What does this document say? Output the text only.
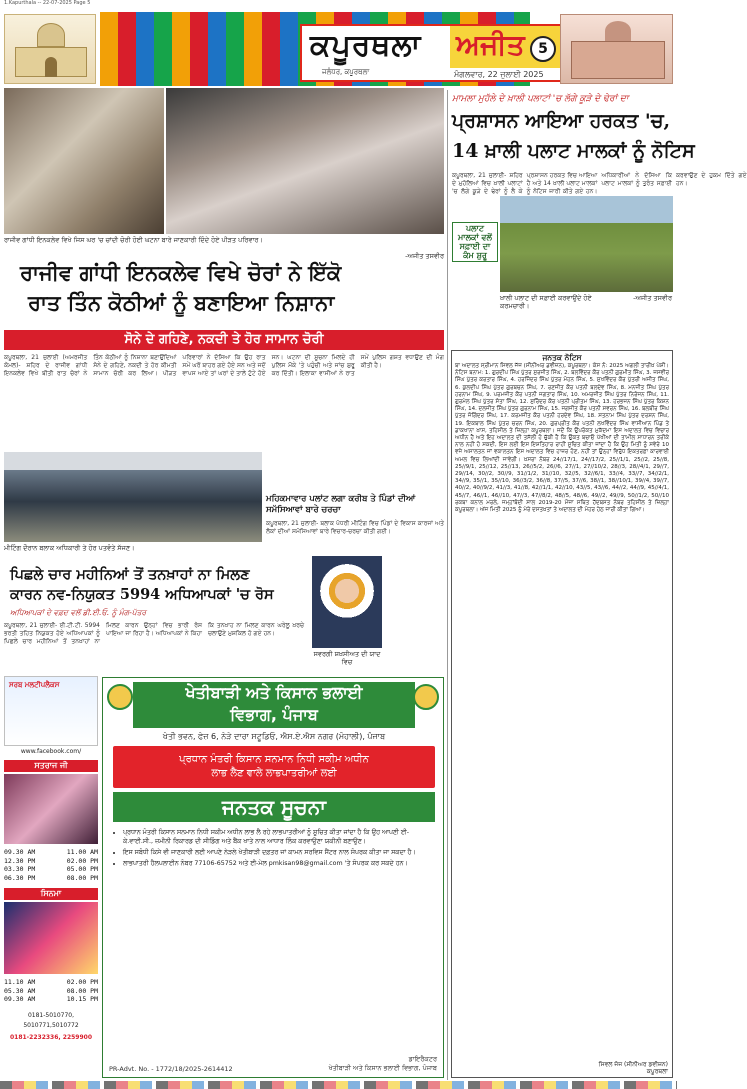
1.Kapurthala -- 22-07-2025 Page 5
ਕਪੂਰਥਲਾ ਅਜੀਤ
ਜਲੰਧਰ, ਕਪੂਰਥਲਾ	ਮੰਗਲਵਾਰ, 22 ਜੁਲਾਈ 2025
5
ਰਾਜੀਵ ਗਾਂਧੀ ਇਨਕਲੇਵ ਵਿਖੇ ਜਿਸ ਘਰ 'ਚ ਚਾਂਦੀ ਚੋਰੀ ਹੋਈ ਘਟਨਾ ਬਾਰੇ ਜਾਣਕਾਰੀ ਦਿੰਦੇ ਹੋਏ ਪੀੜਤ ਪਰਿਵਾਰ।
-ਅਜੀਤ ਤਸਵੀਰ
ਰਾਜੀਵ ਗਾਂਧੀ ਇਨਕਲੇਵ ਵਿਖੇ ਚੋਰਾਂ ਨੇ ਇੱਕੋ
ਰਾਤ ਤਿੰਨ ਕੋਠੀਆਂ ਨੂੰ ਬਣਾਇਆ ਨਿਸ਼ਾਨਾ
ਸੋਨੇ ਦੇ ਗਹਿਣੇ, ਨਕਦੀ ਤੇ ਹੋਰ ਸਾਮਾਨ ਚੋਰੀ
ਕਪੂਰਥਲਾ, 21 ਜੁਲਾਈ (ਅਮਰਜੀਤ ਕੋਮਲ)- ਸ਼ਹਿਰ ਦੇ ਰਾਜੀਵ ਗਾਂਧੀ ਇਨਕਲੇਵ ਵਿਖੇ ਬੀਤੀ ਰਾਤ ਚੋਰਾਂ ਨੇ ਤਿੰਨ ਕੋਠੀਆਂ ਨੂੰ ਨਿਸ਼ਾਨਾ ਬਣਾਉਂਦਿਆਂ ਸੋਨੇ ਦੇ ਗਹਿਣੇ, ਨਕਦੀ ਤੇ ਹੋਰ ਕੀਮਤੀ ਸਾਮਾਨ ਚੋਰੀ ਕਰ ਲਿਆ। ਪੀੜਤ ਪਰਿਵਾਰਾਂ ਨੇ ਦੱਸਿਆ ਕਿ ਉਹ ਰਾਤ ਸਮੇਂ ਘਰੋਂ ਬਾਹਰ ਗਏ ਹੋਏ ਸਨ ਅਤੇ ਜਦੋਂ ਵਾਪਸ ਆਏ ਤਾਂ ਘਰਾਂ ਦੇ ਤਾਲੇ ਟੁੱਟੇ ਹੋਏ ਸਨ। ਘਟਨਾ ਦੀ ਸੂਚਨਾ ਮਿਲਦੇ ਹੀ ਪੁਲਿਸ ਮੌਕੇ 'ਤੇ ਪਹੁੰਚੀ ਅਤੇ ਜਾਂਚ ਸ਼ੁਰੂ ਕਰ ਦਿੱਤੀ। ਇਲਾਕਾ ਵਾਸੀਆਂ ਨੇ ਰਾਤ ਸਮੇਂ ਪੁਲਿਸ ਗਸ਼ਤ ਵਧਾਉਣ ਦੀ ਮੰਗ ਕੀਤੀ ਹੈ।
ਮਾਮਲਾ ਮੁਹੱਲੇ ਦੇ ਖ਼ਾਲੀ ਪਲਾਟਾਂ 'ਚ ਲੱਗੇ ਕੂੜੇ ਦੇ ਢੇਰਾਂ ਦਾ
ਪ੍ਰਸ਼ਾਸਨ ਆਇਆ ਹਰਕਤ 'ਚ,
14 ਖ਼ਾਲੀ ਪਲਾਟ ਮਾਲਕਾਂ ਨੂੰ ਨੋਟਿਸ
ਕਪੂਰਥਲਾ, 21 ਜੁਲਾਈ- ਸ਼ਹਿਰ ਦੇ ਮੁਹੱਲਿਆਂ ਵਿਚ ਖ਼ਾਲੀ ਪਲਾਟਾਂ 'ਚ ਲੱਗੇ ਕੂੜੇ ਦੇ ਢੇਰਾਂ ਨੂੰ ਲੈ ਕੇ ਪ੍ਰਸ਼ਾਸਨ ਹਰਕਤ ਵਿਚ ਆਇਆ ਹੈ ਅਤੇ 14 ਖ਼ਾਲੀ ਪਲਾਟ ਮਾਲਕਾਂ ਨੂੰ ਨੋਟਿਸ ਜਾਰੀ ਕੀਤੇ ਗਏ ਹਨ। ਅਧਿਕਾਰੀਆਂ ਨੇ ਦੱਸਿਆ ਕਿ ਪਲਾਟ ਮਾਲਕਾਂ ਨੂੰ ਤੁਰੰਤ ਸਫ਼ਾਈ ਕਰਵਾਉਣ ਦੇ ਹੁਕਮ ਦਿੱਤੇ ਗਏ ਹਨ।
ਪਲਾਟ ਮਾਲਕਾਂ ਵਲੋਂ ਸਫ਼ਾਈ ਦਾ ਕੰਮ ਸ਼ੁਰੂ
ਖ਼ਾਲੀ ਪਲਾਟ ਦੀ ਸਫ਼ਾਈ ਕਰਵਾਉਂਦੇ ਹੋਏ ਕਰਮਚਾਰੀ।
-ਅਜੀਤ ਤਸਵੀਰ
ਜਨਤਕ ਨੋਟਿਸ
ਬਾ ਅਦਾਲਤ ਸ੍ਰੀਮਾਨ ਸਿਵਲ ਜੱਜ (ਸੀਨੀਅਰ ਡਵੀਜ਼ਨ), ਕਪੂਰਥਲਾ। ਕੇਸ ਨੰ: 2025 ਅਗਲੀ ਤਾਰੀਖ਼ ਪੇਸ਼ੀ। ਨੋਟਿਸ ਬਨਾਮ: 1. ਗੁਰਦੀਪ ਸਿੰਘ ਪੁੱਤਰ ਸੁਰਜੀਤ ਸਿੰਘ, 2. ਬਲਵਿੰਦਰ ਕੌਰ ਪਤਨੀ ਗੁਰਮੀਤ ਸਿੰਘ, 3. ਜਸਵੀਰ ਸਿੰਘ ਪੁੱਤਰ ਕਰਤਾਰ ਸਿੰਘ, 4. ਹਰਜਿੰਦਰ ਸਿੰਘ ਪੁੱਤਰ ਮੋਹਨ ਸਿੰਘ, 5. ਸੁਖਵਿੰਦਰ ਕੌਰ ਪੁੱਤਰੀ ਅਜੀਤ ਸਿੰਘ, 6. ਕੁਲਦੀਪ ਸਿੰਘ ਪੁੱਤਰ ਗੁਰਬਚਨ ਸਿੰਘ, 7. ਰਣਜੀਤ ਕੌਰ ਪਤਨੀ ਬਲਦੇਵ ਸਿੰਘ, 8. ਮਨਜੀਤ ਸਿੰਘ ਪੁੱਤਰ ਹਰਨਾਮ ਸਿੰਘ, 9. ਪਰਮਜੀਤ ਕੌਰ ਪਤਨੀ ਜਗਤਾਰ ਸਿੰਘ, 10. ਅਮਰਜੀਤ ਸਿੰਘ ਪੁੱਤਰ ਨਿਰੰਜਨ ਸਿੰਘ, 11. ਗੁਰਮੇਲ ਸਿੰਘ ਪੁੱਤਰ ਸੰਤਾ ਸਿੰਘ, 12. ਸੁਰਿੰਦਰ ਕੌਰ ਪਤਨੀ ਪ੍ਰੀਤਮ ਸਿੰਘ, 13. ਹਰਭਜਨ ਸਿੰਘ ਪੁੱਤਰ ਕਿਸ਼ਨ ਸਿੰਘ, 14. ਦਲਜੀਤ ਸਿੰਘ ਪੁੱਤਰ ਗੁਰਨਾਮ ਸਿੰਘ, 15. ਜਗਜੀਤ ਕੌਰ ਪਤਨੀ ਸਵਰਨ ਸਿੰਘ, 16. ਬਲਬੀਰ ਸਿੰਘ ਪੁੱਤਰ ਜੋਗਿੰਦਰ ਸਿੰਘ, 17. ਕਰਮਜੀਤ ਕੌਰ ਪਤਨੀ ਹਰਦੇਵ ਸਿੰਘ, 18. ਸਤਨਾਮ ਸਿੰਘ ਪੁੱਤਰ ਦਰਸ਼ਨ ਸਿੰਘ, 19. ਇਕਬਾਲ ਸਿੰਘ ਪੁੱਤਰ ਚਰਨ ਸਿੰਘ, 20. ਗੁਰਪ੍ਰੀਤ ਕੌਰ ਪਤਨੀ ਲਖਵਿੰਦਰ ਸਿੰਘ ਵਾਸੀਆਨ ਪਿੰਡ ਤੇ ਡਾਕਖਾਨਾ ਖ਼ਾਸ, ਤਹਿਸੀਲ ਤੇ ਜ਼ਿਲ੍ਹਾ ਕਪੂਰਥਲਾ। ਜਦੋਂ ਕਿ ਉਪਰੋਕਤ ਮੁਕੱਦਮਾ ਇਸ ਅਦਾਲਤ ਵਿਚ ਵਿਚਾਰ ਅਧੀਨ ਹੈ ਅਤੇ ਇਹ ਅਦਾਲਤ ਦੀ ਤਸੱਲੀ ਹੋ ਚੁੱਕੀ ਹੈ ਕਿ ਉਕਤ ਬਚਾਓ ਪੱਖੀਆਂ ਦੀ ਤਾਮੀਲ ਸਾਧਾਰਨ ਤਰੀਕੇ ਨਾਲ ਨਹੀਂ ਹੋ ਸਕਦੀ, ਇਸ ਲਈ ਇਸ ਇਸ਼ਤਿਹਾਰ ਰਾਹੀਂ ਸੂਚਿਤ ਕੀਤਾ ਜਾਂਦਾ ਹੈ ਕਿ ਉਹ ਮਿਤੀ ਨੂੰ ਸਵੇਰੇ 10 ਵਜੇ ਅਸਾਲਤਨ ਜਾਂ ਵਕਾਲਤਨ ਇਸ ਅਦਾਲਤ ਵਿਚ ਹਾਜ਼ਰ ਹੋਣ, ਨਹੀਂ ਤਾਂ ਉਨ੍ਹਾਂ ਵਿਰੁੱਧ ਇਕਤਰਫ਼ਾ ਕਾਰਵਾਈ ਅਮਲ ਵਿਚ ਲਿਆਂਦੀ ਜਾਵੇਗੀ। ਖ਼ਸਰਾ ਨੰਬਰ 24//17/1, 24//17/2, 25//1/1, 25//2, 25//8, 25//9/1, 25//12, 25//13, 26//5/2, 26//6, 27//1, 27//10/2, 28//3, 28//4/1, 29//7, 29//14, 30//2, 30//9, 31//1/2, 31//10, 32//5, 32//6/1, 33//4, 33//7, 34//2/1, 34//9, 35//1, 35//10, 36//3/2, 36//8, 37//5, 37//6, 38//1, 38//10/1, 39//4, 39//7, 40//2, 40//9/2, 41//3, 41//8, 42//1/1, 42//10, 43//5, 43//6, 44//2, 44//9, 45//4/1, 45//7, 46//1, 46//10, 47//3, 47//8/2, 48//5, 48//6, 49//2, 49//9, 50//1/2, 50//10 ਰਕਬਾ ਕਨਾਲ ਮਰਲੇ, ਜਮ੍ਹਾਂਬੰਦੀ ਸਾਲ 2019-20 ਮੌਜਾ ਸਥਿਤ ਹੱਦਬਸਤ ਨੰਬਰ ਤਹਿਸੀਲ ਤੇ ਜ਼ਿਲ੍ਹਾ ਕਪੂਰਥਲਾ। ਅੱਜ ਮਿਤੀ 2025 ਨੂੰ ਮੇਰੇ ਦਸਤਖ਼ਤਾਂ ਤੇ ਅਦਾਲਤ ਦੀ ਮੋਹਰ ਹੇਠ ਜਾਰੀ ਕੀਤਾ ਗਿਆ।
ਸਿਵਲ ਜੱਜ (ਸੀਨੀਅਰ ਡਵੀਜ਼ਨ)
ਕਪੂਰਥਲਾ
ਮੀਟਿੰਗ ਦੌਰਾਨ ਬਲਾਕ ਅਧਿਕਾਰੀ ਤੇ ਹੋਰ ਪਤਵੰਤੇ ਸੱਜਣ।
ਮਹਿਕਮਾਵਾਰ ਪਲਾਂਟ ਲਗਾ ਕਰੀਬ ਤੇ ਪਿੰਡਾਂ ਦੀਆਂ ਸਮੱਸਿਆਵਾਂ ਬਾਰੇ ਚਰਚਾ
ਕਪੂਰਥਲਾ, 21 ਜੁਲਾਈ- ਬਲਾਕ ਪੱਧਰੀ ਮੀਟਿੰਗ ਵਿਚ ਪਿੰਡਾਂ ਦੇ ਵਿਕਾਸ ਕਾਰਜਾਂ ਅਤੇ ਲੋਕਾਂ ਦੀਆਂ ਸਮੱਸਿਆਵਾਂ ਬਾਰੇ ਵਿਚਾਰ-ਚਰਚਾ ਕੀਤੀ ਗਈ।
ਸਵਰਗੀ ਸ਼ਖ਼ਸੀਅਤ ਦੀ ਯਾਦ ਵਿਚ
ਪਿਛਲੇ ਚਾਰ ਮਹੀਨਿਆਂ ਤੋਂ ਤਨਖ਼ਾਹਾਂ ਨਾ ਮਿਲਣ
ਕਾਰਨ ਨਵ-ਨਿਯੁਕਤ 5994 ਅਧਿਆਪਕਾਂ 'ਚ ਰੋਸ
ਅਧਿਆਪਕਾਂ ਦੇ ਵਫ਼ਦ ਵਲੋਂ ਡੀ.ਈ.ਓ. ਨੂੰ ਮੰਗ-ਪੱਤਰ
ਕਪੂਰਥਲਾ, 21 ਜੁਲਾਈ- ਈ.ਟੀ.ਟੀ. 5994 ਭਰਤੀ ਤਹਿਤ ਨਿਯੁਕਤ ਹੋਏ ਅਧਿਆਪਕਾਂ ਨੂੰ ਪਿਛਲੇ ਚਾਰ ਮਹੀਨਿਆਂ ਤੋਂ ਤਨਖ਼ਾਹਾਂ ਨਾ ਮਿਲਣ ਕਾਰਨ ਉਨ੍ਹਾਂ ਵਿਚ ਭਾਰੀ ਰੋਸ ਪਾਇਆ ਜਾ ਰਿਹਾ ਹੈ। ਅਧਿਆਪਕਾਂ ਨੇ ਕਿਹਾ ਕਿ ਤਨਖ਼ਾਹ ਨਾ ਮਿਲਣ ਕਾਰਨ ਘਰੇਲੂ ਖ਼ਰਚੇ ਚਲਾਉਣੇ ਮੁਸ਼ਕਿਲ ਹੋ ਗਏ ਹਨ।
ਸਰਬ ਮਲਟੀਪਲੈਕਸ
www.facebook.com/
ਸਤਰਾਜ ਜੀ
09.30 AM	11.00 AM
12.30 PM	02.00 PM
03.30 PM	05.00 PM
06.30 PM	08.00 PM
ਸਿਨਮਾ
11.10 AM	02.00 PM
05.30 AM	08.00 PM
09.30 AM	10.15 PM
0181-5010770,
5010771,5010772
0181-2232336, 2259900
ਖੇਤੀਬਾੜੀ ਅਤੇ ਕਿਸਾਨ ਭਲਾਈ
ਵਿਭਾਗ, ਪੰਜਾਬ
ਖੇਤੀ ਭਵਨ, ਫੇਜ਼ 6, ਨੇੜੇ ਦਾਰਾ ਸਟੂਡਿਓ, ਐਸ.ਏ.ਐਸ ਨਗਰ (ਮੋਹਾਲੀ), ਪੰਜਾਬ
ਪ੍ਰਧਾਨ ਮੰਤਰੀ ਕਿਸਾਨ ਸਨਮਾਨ ਨਿਧੀ ਸਕੀਮ ਅਧੀਨ
ਲਾਭ ਲੈਣ ਵਾਲੇ ਲਾਭਪਾਤਰੀਆਂ ਲਈ
ਜਨਤਕ ਸੂਚਨਾ
• ਪ੍ਰਧਾਨ ਮੰਤਰੀ ਕਿਸਾਨ ਸਨਮਾਨ ਨਿਧੀ ਸਕੀਮ ਅਧੀਨ ਲਾਭ ਲੈ ਰਹੇ ਲਾਭਪਾਤਰੀਆਂ ਨੂੰ ਸੂਚਿਤ ਕੀਤਾ ਜਾਂਦਾ ਹੈ ਕਿ ਉਹ ਆਪਣੀ ਈ-ਕੇ.ਵਾਈ.ਸੀ., ਜ਼ਮੀਨੀ ਰਿਕਾਰਡ ਦੀ ਸੀਡਿੰਗ ਅਤੇ ਬੈਂਕ ਖਾਤੇ ਨਾਲ ਆਧਾਰ ਲਿੰਕ ਕਰਵਾਉਣਾ ਯਕੀਨੀ ਬਣਾਉਣ।
• ਇਸ ਸਬੰਧੀ ਕਿਸੇ ਵੀ ਜਾਣਕਾਰੀ ਲਈ ਆਪਣੇ ਨੇੜਲੇ ਖੇਤੀਬਾੜੀ ਦਫ਼ਤਰ ਜਾਂ ਕਾਮਨ ਸਰਵਿਸ ਸੈਂਟਰ ਨਾਲ ਸੰਪਰਕ ਕੀਤਾ ਜਾ ਸਕਦਾ ਹੈ।
• ਲਾਭਪਾਤਰੀ ਹੈਲਪਲਾਈਨ ਨੰਬਰ 77106-65752 ਅਤੇ ਈ-ਮੇਲ pmkisan98@gmail.com 'ਤੇ ਸੰਪਰਕ ਕਰ ਸਕਦੇ ਹਨ।
PR-Advt. No. - 1772/18/2025-2614412
ਡਾਇਰੈਕਟਰ
ਖੇਤੀਬਾੜੀ ਅਤੇ ਕਿਸਾਨ ਭਲਾਈ ਵਿਭਾਗ, ਪੰਜਾਬ
